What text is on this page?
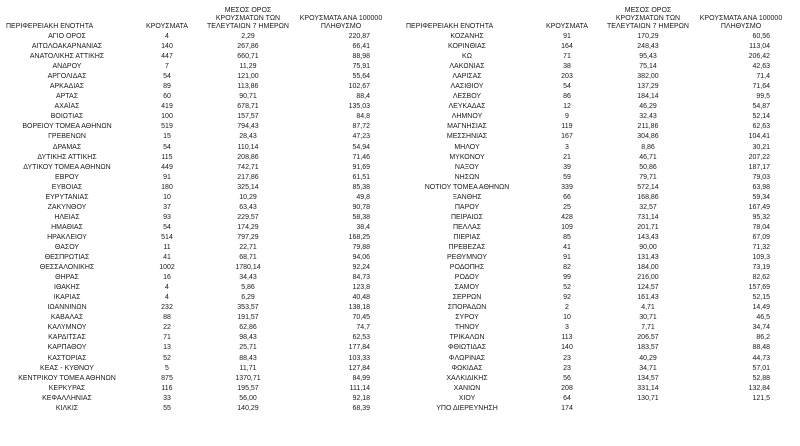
ΠΕΡΙΦΕΡΕΙΑΚΗ ΕΝΟΤΗΤΑ	ΚΡΟΥΣΜΑΤΑ
ΜΕΣΟΣ ΟΡΟΣ ΚΡΟΥΣΜΑΤΩΝ ΤΩΝ ΤΕΛΕΥΤΑΙΩΝ 7 ΗΜΕΡΩΝ
ΚΡΟΥΣΜΑΤΑ ΑΝΑ 100000 ΠΛΗΘΥΣΜΟ
ΑΓΙΟ ΟΡΟΣ	4	2,29	220,87
ΑΙΤΩΛΟΑΚΑΡΝΑΝΙΑΣ	140	267,86	66,41
ΑΝΑΤΟΛΙΚΗΣ ΑΤΤΙΚΗΣ	447	660,71	88,98
ΑΝΔΡΟΥ	7	11,29	75,91
ΑΡΓΟΛΙΔΑΣ	54	121,00	55,64
ΑΡΚΑΔΙΑΣ	89	113,86	102,67
ΑΡΤΑΣ	60	90,71	88,4
ΑΧΑΪΑΣ	419	678,71	135,03
ΒΟΙΩΤΙΑΣ	100	157,57	84,8
ΒΟΡΕΙΟΥ ΤΟΜΕΑ ΑΘΗΝΩΝ	519	794,43	87,72
ΓΡΕΒΕΝΩΝ	15	28,43	47,23
ΔΡΑΜΑΣ	54	110,14	54,94
ΔΥΤΙΚΗΣ ΑΤΤΙΚΗΣ	115	208,86	71,46
ΔΥΤΙΚΟΥ ΤΟΜΕΑ ΑΘΗΝΩΝ	449	742,71	91,69
ΕΒΡΟΥ	91	217,86	61,51
ΕΥΒΟΙΑΣ	180	325,14	85,38
ΕΥΡΥΤΑΝΙΑΣ	10	10,29	49,8
ΖΑΚΥΝΘΟΥ	37	63,43	90,78
ΗΛΕΙΑΣ	93	229,57	58,38
ΗΜΑΘΙΑΣ	54	174,29	38,4
ΗΡΑΚΛΕΙΟΥ	514	797,29	168,25
ΘΑΣΟΥ	11	22,71	79,88
ΘΕΣΠΡΩΤΙΑΣ	41	68,71	94,06
ΘΕΣΣΑΛΟΝΙΚΗΣ	1002	1780,14	92,24
ΘΗΡΑΣ	16	34,43	84,73
ΙΘΑΚΗΣ	4	5,86	123,8
ΙΚΑΡΙΑΣ	4	6,29	40,48
ΙΩΑΝΝΙΝΩΝ	232	353,57	138,18
ΚΑΒΑΛΑΣ	88	191,57	70,45
ΚΑΛΥΜΝΟΥ	22	62,86	74,7
ΚΑΡΔΙΤΣΑΣ	71	98,43	62,53
ΚΑΡΠΑΘΟΥ	13	25,71	177,84
ΚΑΣΤΟΡΙΑΣ	52	88,43	103,33
ΚΕΑΣ - ΚΥΘΝΟΥ	5	11,71	127,84
ΚΕΝΤΡΙΚΟΥ ΤΟΜΕΑ ΑΘΗΝΩΝ	875	1370,71	84,99
ΚΕΡΚΥΡΑΣ	116	195,57	111,14
ΚΕΦΑΛΛΗΝΙΑΣ	33	56,00	92,18
ΚΙΛΚΙΣ	55	140,29	68,39
ΠΕΡΙΦΕΡΕΙΑΚΗ ΕΝΟΤΗΤΑ	ΚΡΟΥΣΜΑΤΑ
ΜΕΣΟΣ ΟΡΟΣ ΚΡΟΥΣΜΑΤΩΝ ΤΩΝ ΤΕΛΕΥΤΑΙΩΝ 7 ΗΜΕΡΩΝ
ΚΡΟΥΣΜΑΤΑ ΑΝΑ 100000 ΠΛΗΘΥΣΜΟ
ΚΟΖΑΝΗΣ	91	170,29	60,56
ΚΟΡΙΝΘΙΑΣ	164	248,43	113,04
ΚΩ	71	95,43	206,42
ΛΑΚΩΝΙΑΣ	38	75,14	42,63
ΛΑΡΙΣΑΣ	203	382,00	71,4
ΛΑΣΙΘΙΟΥ	54	137,29	71,64
ΛΕΣΒΟΥ	86	184,14	99,5
ΛΕΥΚΑΔΑΣ	12	46,29	54,87
ΛΗΜΝΟΥ	9	32,43	52,14
ΜΑΓΝΗΣΙΑΣ	119	211,86	62,63
ΜΕΣΣΗΝΙΑΣ	167	304,86	104,41
ΜΗΛΟΥ	3	8,86	30,21
ΜΥΚΟΝΟΥ	21	46,71	207,22
ΝΑΞΟΥ	39	50,86	187,17
ΝΗΣΩΝ	59	79,71	79,03
ΝΟΤΙΟΥ ΤΟΜΕΑ ΑΘΗΝΩΝ	339	572,14	63,98
ΞΑΝΘΗΣ	66	168,86	59,34
ΠΑΡΟΥ	25	32,57	167,49
ΠΕΙΡΑΙΩΣ	428	731,14	95,32
ΠΕΛΛΑΣ	109	201,71	78,04
ΠΙΕΡΙΑΣ	85	143,43	67,09
ΠΡΕΒΕΖΑΣ	41	90,00	71,32
ΡΕΘΥΜΝΟΥ	91	131,43	109,3
ΡΟΔΟΠΗΣ	82	184,00	73,19
ΡΟΔΟΥ	99	216,00	82,62
ΣΑΜΟΥ	52	124,57	157,69
ΣΕΡΡΩΝ	92	161,43	52,15
ΣΠΟΡΑΔΩΝ	2	4,71	14,49
ΣΥΡΟΥ	10	30,71	46,5
ΤΗΝΟΥ	3	7,71	34,74
ΤΡΙΚΑΛΩΝ	113	206,57	86,2
ΦΘΙΩΤΙΔΑΣ	140	183,57	88,48
ΦΛΩΡΙΝΑΣ	23	40,29	44,73
ΦΩΚΙΔΑΣ	23	34,71	57,01
ΧΑΛΚΙΔΙΚΗΣ	56	134,57	52,88
ΧΑΝΙΩΝ	208	331,14	132,84
ΧΙΟΥ	64	130,71	121,5
ΥΠΟ ΔΙΕΡΕΥΝΗΣΗ	174
